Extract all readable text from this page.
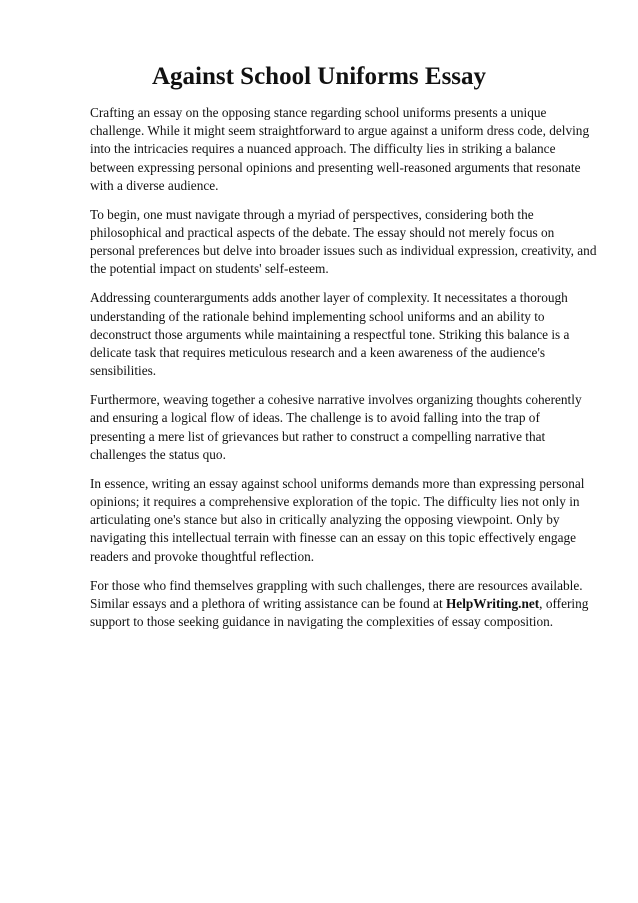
Against School Uniforms Essay

Crafting an essay on the opposing stance regarding school uniforms presents a unique challenge. While it might seem straightforward to argue against a uniform dress code, delving into the intricacies requires a nuanced approach. The difficulty lies in striking a balance between expressing personal opinions and presenting well-reasoned arguments that resonate with a diverse audience.

To begin, one must navigate through a myriad of perspectives, considering both the philosophical and practical aspects of the debate. The essay should not merely focus on personal preferences but delve into broader issues such as individual expression, creativity, and the potential impact on students' self-esteem.

Addressing counterarguments adds another layer of complexity. It necessitates a thorough understanding of the rationale behind implementing school uniforms and an ability to deconstruct those arguments while maintaining a respectful tone. Striking this balance is a delicate task that requires meticulous research and a keen awareness of the audience's sensibilities.

Furthermore, weaving together a cohesive narrative involves organizing thoughts coherently and ensuring a logical flow of ideas. The challenge is to avoid falling into the trap of presenting a mere list of grievances but rather to construct a compelling narrative that challenges the status quo.

In essence, writing an essay against school uniforms demands more than expressing personal opinions; it requires a comprehensive exploration of the topic. The difficulty lies not only in articulating one's stance but also in critically analyzing the opposing viewpoint. Only by navigating this intellectual terrain with finesse can an essay on this topic effectively engage readers and provoke thoughtful reflection.

For those who find themselves grappling with such challenges, there are resources available. Similar essays and a plethora of writing assistance can be found at HelpWriting.net, offering support to those seeking guidance in navigating the complexities of essay composition.
